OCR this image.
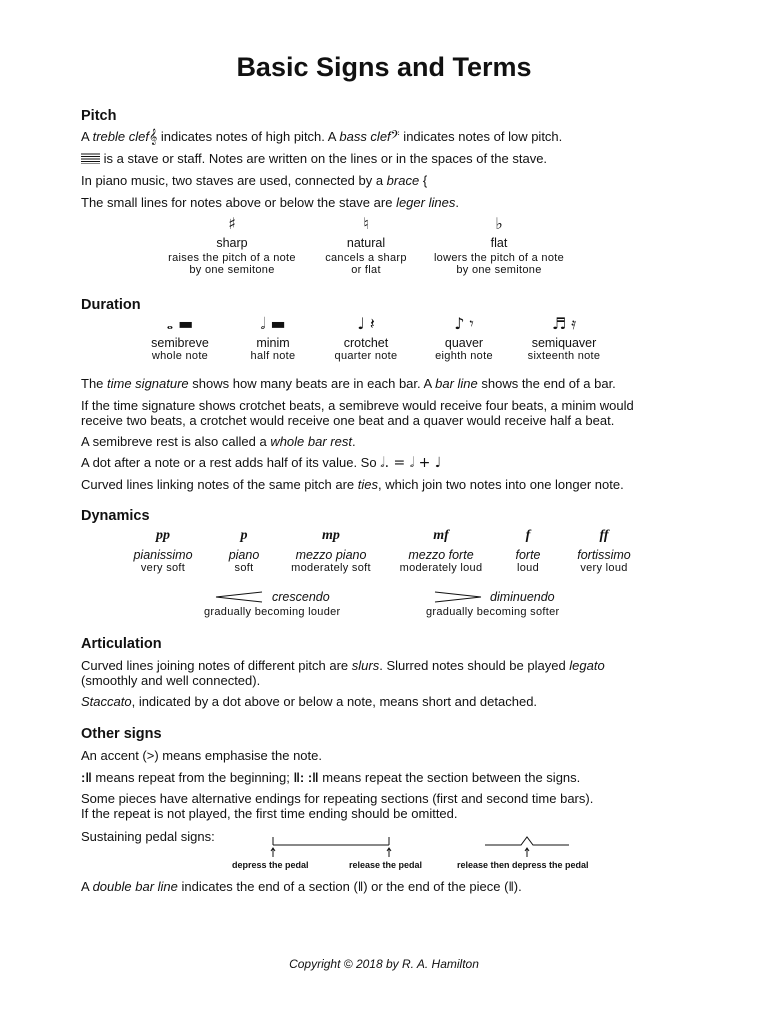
Basic Signs and Terms
Pitch
A treble clef𝄞 indicates notes of high pitch. A bass clef𝄢 indicates notes of low pitch.
is a stave or staff. Notes are written on the lines or in the spaces of the stave.
In piano music, two staves are used, connected by a brace {
The small lines for notes above or below the stave are leger lines.
♯
sharp
raises the pitch of a note
by one semitone
♮
natural
cancels a sharp
or flat
♭
flat
lowers the pitch of a note
by one semitone
Duration
𝅝 ▬
semibreve
whole note
𝅗𝅥 ▬
minim
half note
♩ 𝄽
crotchet
quarter note
♪ 𝄾
quaver
eighth note
♬ 𝄿
semiquaver
sixteenth note
The time signature shows how many beats are in each bar. A bar line shows the end of a bar.
If the time signature shows crotchet beats, a semibreve would receive four beats, a minim would
receive two beats, a crotchet would receive one beat and a quaver would receive half a beat.
A semibreve rest is also called a whole bar rest.
A dot after a note or a rest adds half of its value. So 𝅗𝅥. = 𝅗𝅥 + ♩
Curved lines linking notes of the same pitch are ties, which join two notes into one longer note.
Dynamics
pp
pianissimo
very soft
p
piano
soft
mp
mezzo piano
moderately soft
mf
mezzo forte
moderately loud
f
forte
loud
ff
fortissimo
very loud
crescendo
gradually becoming louder
diminuendo
gradually becoming softer
Articulation
Curved lines joining notes of different pitch are slurs. Slurred notes should be played legato
(smoothly and well connected).
Staccato, indicated by a dot above or below a note, means short and detached.
Other signs
An accent (>) means emphasise the note.
:‖ means repeat from the beginning; ‖: :‖ means repeat the section between the signs.
Some pieces have alternative endings for repeating sections (first and second time bars).
If the repeat is not played, the first time ending should be omitted.
Sustaining pedal signs:
depress the pedal	release the pedal	release then depress the pedal
A double bar line indicates the end of a section (‖) or the end of the piece (‖).
Copyright © 2018 by R. A. Hamilton
